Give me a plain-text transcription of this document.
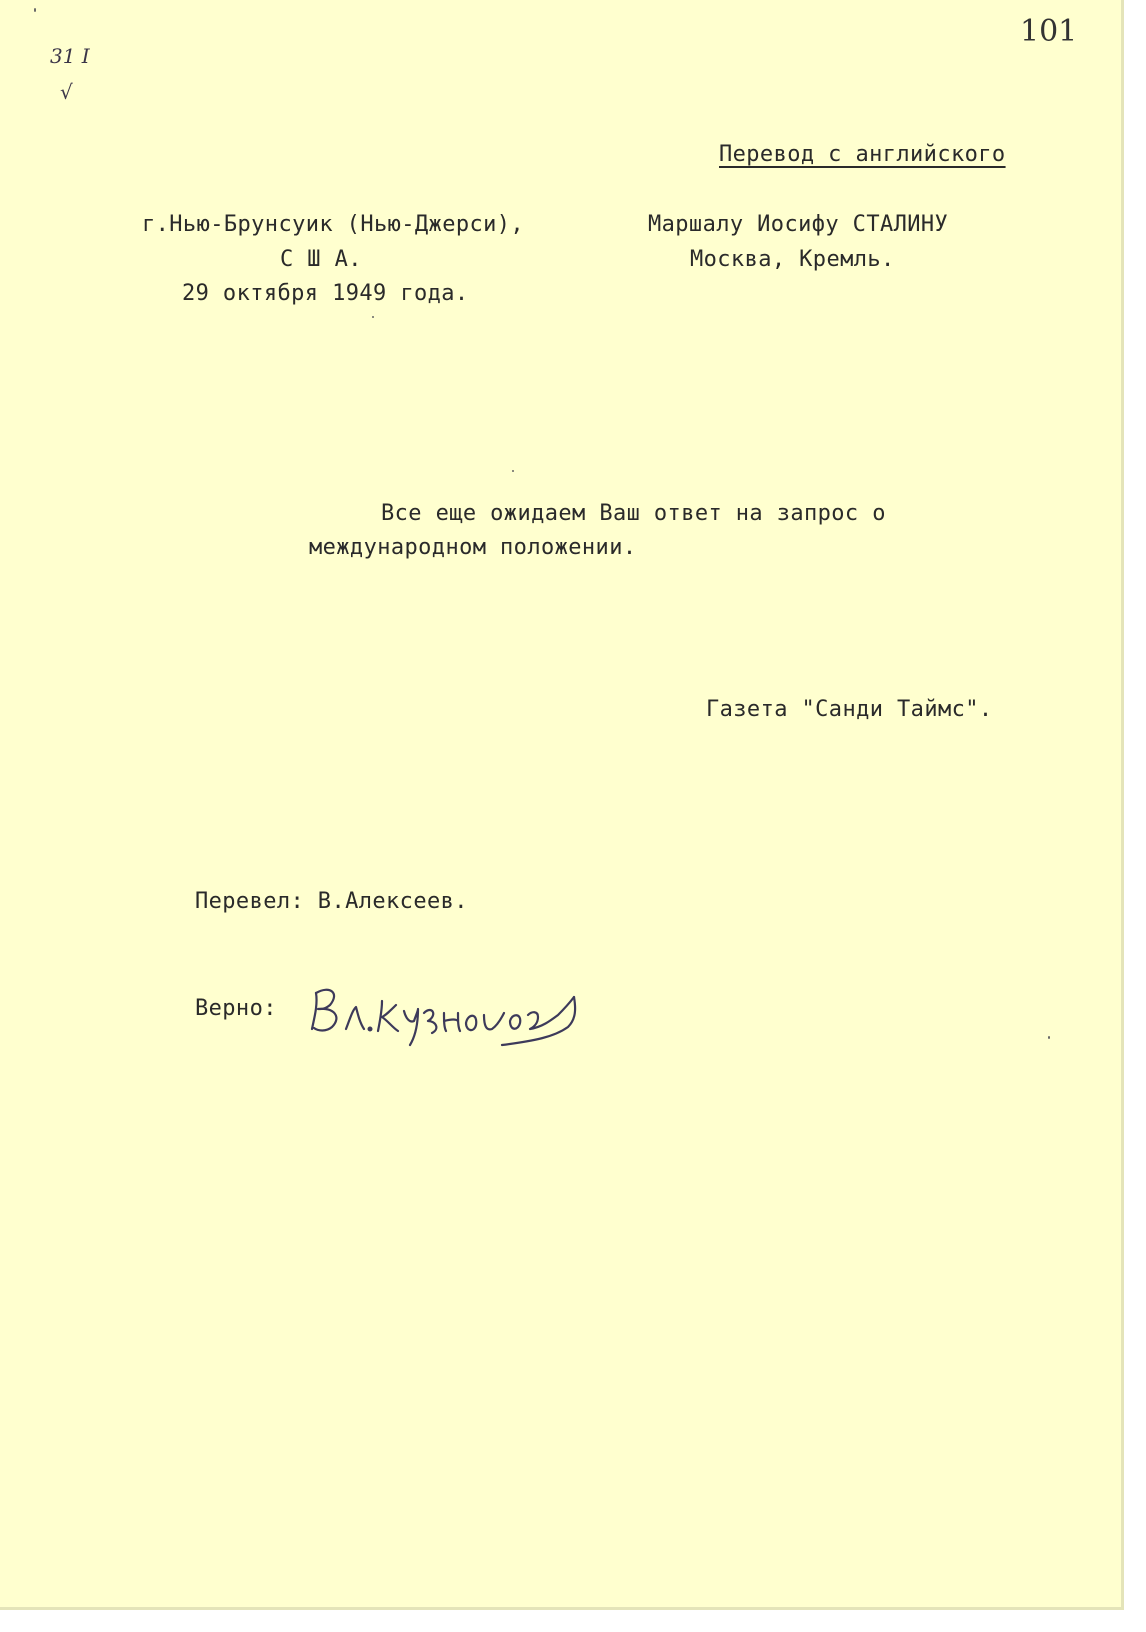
101
31 I
√
Перевод с английского
г.Нью-Брунсуик (Нью-Джерси),
С Ш А.
29 октября 1949 года.
Маршалу Иосифу СТАЛИНУ
Москва, Кремль.
Все еще ожидаем Ваш ответ на запрос о
международном положении.
Газета "Санди Таймс".
Перевел: В.Алексеев.
Верно:
